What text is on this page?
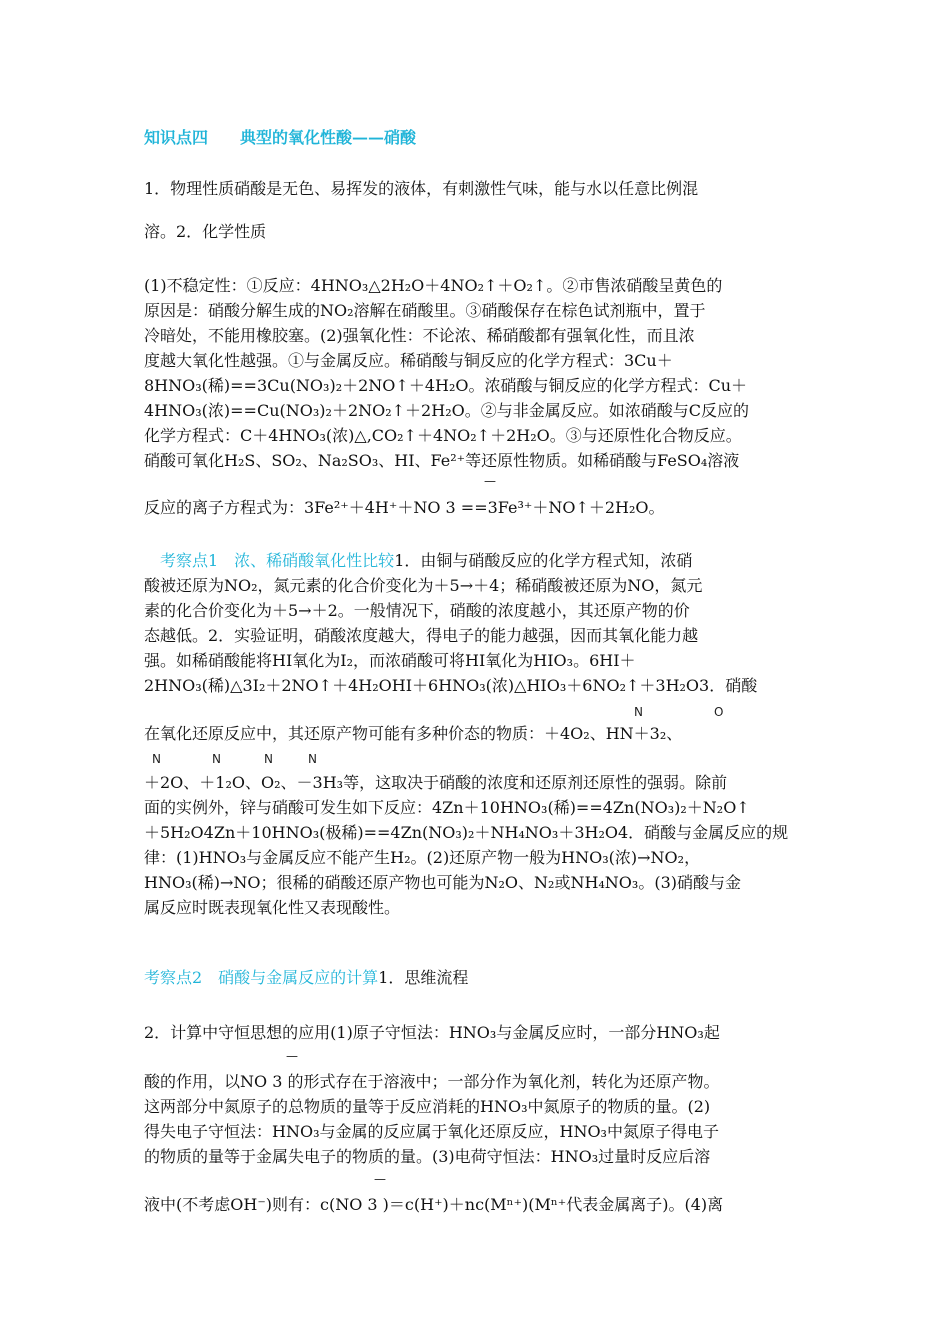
知识点四　　典型的氧化性酸——硝酸
1．物理性质硝酸是无色、易挥发的液体，有刺激性气味，能与水以任意比例混
溶。2．化学性质
(1)不稳定性：①反应：4HNO₃△2H₂O＋4NO₂↑＋O₂↑。②市售浓硝酸呈黄色的
原因是：硝酸分解生成的NO₂溶解在硝酸里。③硝酸保存在棕色试剂瓶中，置于
冷暗处，不能用橡胶塞。(2)强氧化性：不论浓、稀硝酸都有强氧化性，而且浓
度越大氧化性越强。①与金属反应。稀硝酸与铜反应的化学方程式：3Cu＋
8HNO₃(稀)==3Cu(NO₃)₂＋2NO↑＋4H₂O。浓硝酸与铜反应的化学方程式：Cu＋
4HNO₃(浓)==Cu(NO₃)₂＋2NO₂↑＋2H₂O。②与非金属反应。如浓硝酸与C反应的
化学方程式：C＋4HNO₃(浓)△,CO₂↑＋4NO₂↑＋2H₂O。③与还原性化合物反应。
硝酸可氧化H₂S、SO₂、Na₂SO₃、HI、Fe²⁺等还原性物质。如稀硝酸与FeSO₄溶液
—
反应的离子方程式为：3Fe²⁺＋4H⁺＋NO 3 ==3Fe³⁺＋NO↑＋2H₂O。
　考察点1　浓、稀硝酸氧化性比较1．由铜与硝酸反应的化学方程式知，浓硝
酸被还原为NO₂，氮元素的化合价变化为＋5→＋4；稀硝酸被还原为NO，氮元
素的化合价变化为＋5→＋2。一般情况下，硝酸的浓度越小，其还原产物的价
态越低。2．实验证明，硝酸浓度越大，得电子的能力越强，因而其氧化能力越
强。如稀硝酸能将HI氧化为I₂，而浓硝酸可将HI氧化为HIO₃。6HI＋
2HNO₃(稀)△3I₂＋2NO↑＋4H₂OHI＋6HNO₃(浓)△HIO₃＋6NO₂↑＋3H₂O3．硝酸
N	O
在氧化还原反应中，其还原产物可能有多种价态的物质：＋4O₂、HN＋3₂、
N	N	N	N
＋2O、＋1₂O、O₂、－3H₃等，这取决于硝酸的浓度和还原剂还原性的强弱。除前
面的实例外，锌与硝酸可发生如下反应：4Zn＋10HNO₃(稀)==4Zn(NO₃)₂＋N₂O↑
＋5H₂O4Zn＋10HNO₃(极稀)==4Zn(NO₃)₂＋NH₄NO₃＋3H₂O4．硝酸与金属反应的规
律：(1)HNO₃与金属反应不能产生H₂。(2)还原产物一般为HNO₃(浓)→NO₂，
HNO₃(稀)→NO；很稀的硝酸还原产物也可能为N₂O、N₂或NH₄NO₃。(3)硝酸与金
属反应时既表现氧化性又表现酸性。
考察点2　硝酸与金属反应的计算1．思维流程
2．计算中守恒思想的应用(1)原子守恒法：HNO₃与金属反应时，一部分HNO₃起
—
酸的作用，以NO 3 的形式存在于溶液中；一部分作为氧化剂，转化为还原产物。
这两部分中氮原子的总物质的量等于反应消耗的HNO₃中氮原子的物质的量。(2)
得失电子守恒法：HNO₃与金属的反应属于氧化还原反应，HNO₃中氮原子得电子
的物质的量等于金属失电子的物质的量。(3)电荷守恒法：HNO₃过量时反应后溶
—
液中(不考虑OH⁻)则有：c(NO 3 )＝c(H⁺)＋nc(Mⁿ⁺)(Mⁿ⁺代表金属离子)。(4)离
